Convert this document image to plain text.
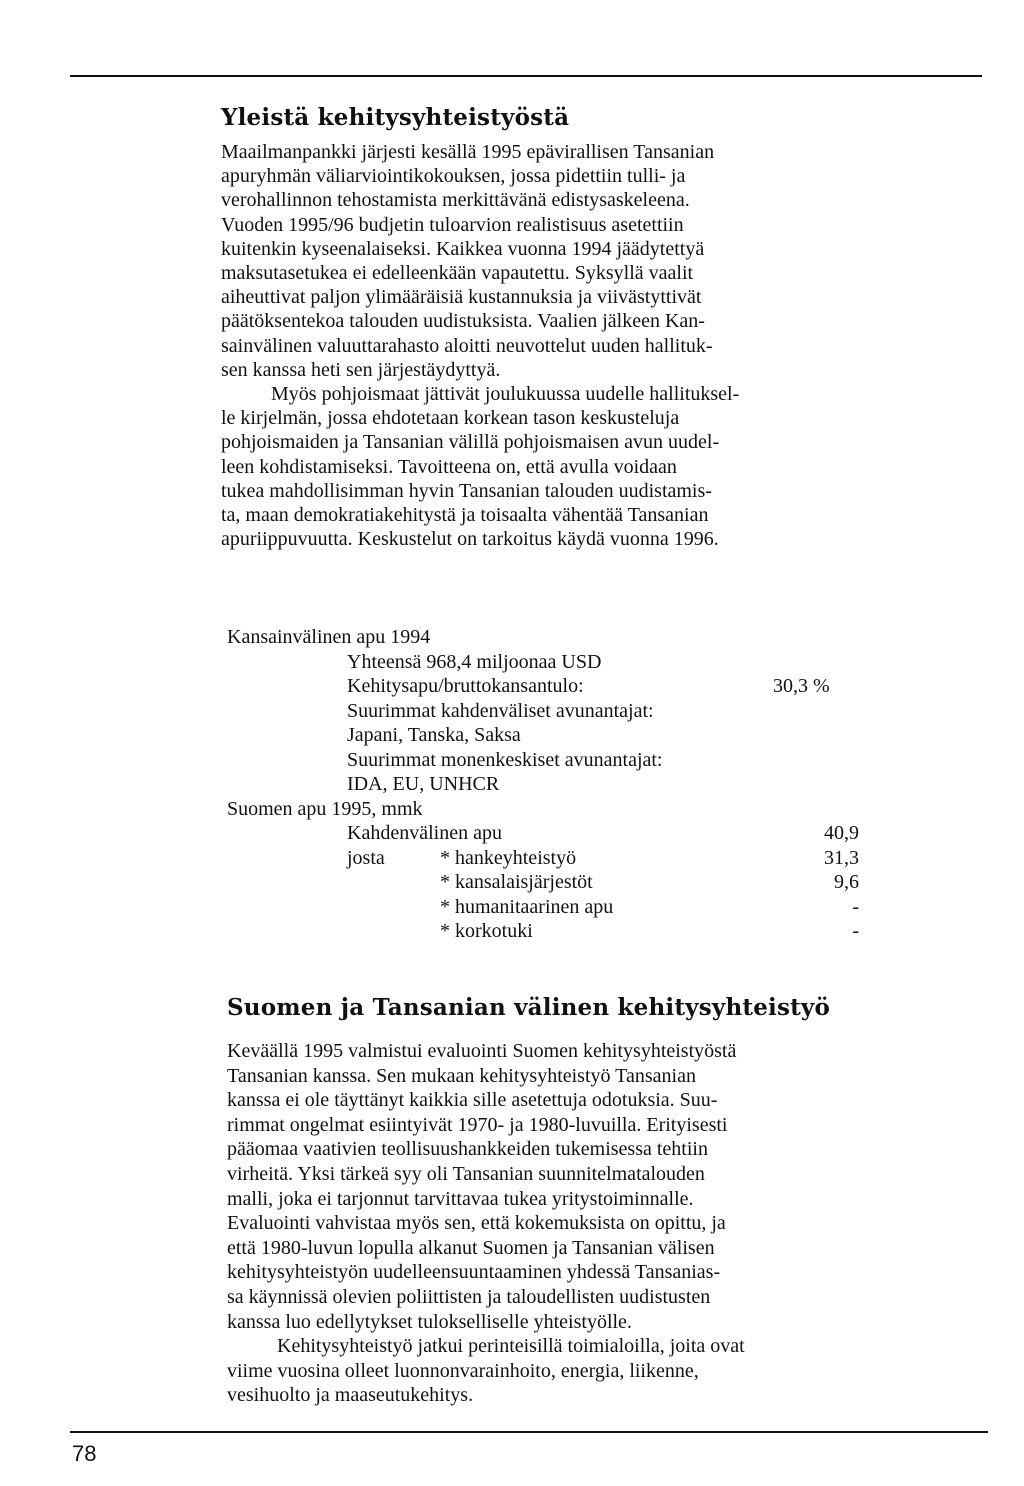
Yleistä kehitysyhteistyöstä

Maailmanpankki järjesti kesällä 1995 epävirallisen Tansanian
apuryhmän väliarviointikokouksen, jossa pidettiin tulli- ja
verohallinnon tehostamista merkittävänä edistysaskeleena.
Vuoden 1995/96 budjetin tuloarvion realistisuus asetettiin
kuitenkin kyseenalaiseksi. Kaikkea vuonna 1994 jäädytettyä
maksutasetukea ei edelleenkään vapautettu. Syksyllä vaalit
aiheuttivat paljon ylimääräisiä kustannuksia ja viivästyttivät
päätöksentekoa talouden uudistuksista. Vaalien jälkeen Kan-
sainvälinen valuuttarahasto aloitti neuvottelut uuden hallituk-
sen kanssa heti sen järjestäydyttyä.
Myös pohjoismaat jättivät joulukuussa uudelle hallituksel-
le kirjelmän, jossa ehdotetaan korkean tason keskusteluja
pohjoismaiden ja Tansanian välillä pohjoismaisen avun uudel-
leen kohdistamiseksi. Tavoitteena on, että avulla voidaan
tukea mahdollisimman hyvin Tansanian talouden uudistamis-
ta, maan demokratiakehitystä ja toisaalta vähentää Tansanian
apuriippuvuutta. Keskustelut on tarkoitus käydä vuonna 1996.

Kansainvälinen apu 1994
Yhteensä 968,4 miljoonaa USD
Kehitysapu/bruttokansantulo:	30,3 %
Suurimmat kahdenväliset avunantajat:
Japani, Tanska, Saksa
Suurimmat monenkeskiset avunantajat:
IDA, EU, UNHCR
Suomen apu 1995, mmk
Kahdenvälinen apu	40,9
josta	* hankeyhteistyö	31,3
* kansalaisjärjestöt	9,6
* humanitaarinen apu	-
* korkotuki	-
Suomen ja Tansanian välinen kehitysyhteistyö

Keväällä 1995 valmistui evaluointi Suomen kehitysyhteistyöstä
Tansanian kanssa. Sen mukaan kehitysyhteistyö Tansanian
kanssa ei ole täyttänyt kaikkia sille asetettuja odotuksia. Suu-
rimmat ongelmat esiintyivät 1970- ja 1980-luvuilla. Erityisesti
pääomaa vaativien teollisuushankkeiden tukemisessa tehtiin
virheitä. Yksi tärkeä syy oli Tansanian suunnitelmatalouden
malli, joka ei tarjonnut tarvittavaa tukea yritystoiminnalle.
Evaluointi vahvistaa myös sen, että kokemuksista on opittu, ja
että 1980-luvun lopulla alkanut Suomen ja Tansanian välisen
kehitysyhteistyön uudelleensuuntaaminen yhdessä Tansanias-
sa käynnissä olevien poliittisten ja taloudellisten uudistusten
kanssa luo edellytykset tulokselliselle yhteistyölle.
Kehitysyhteistyö jatkui perinteisillä toimialoilla, joita ovat
viime vuosina olleet luonnonvarainhoito, energia, liikenne,
vesihuolto ja maaseutukehitys.

78
